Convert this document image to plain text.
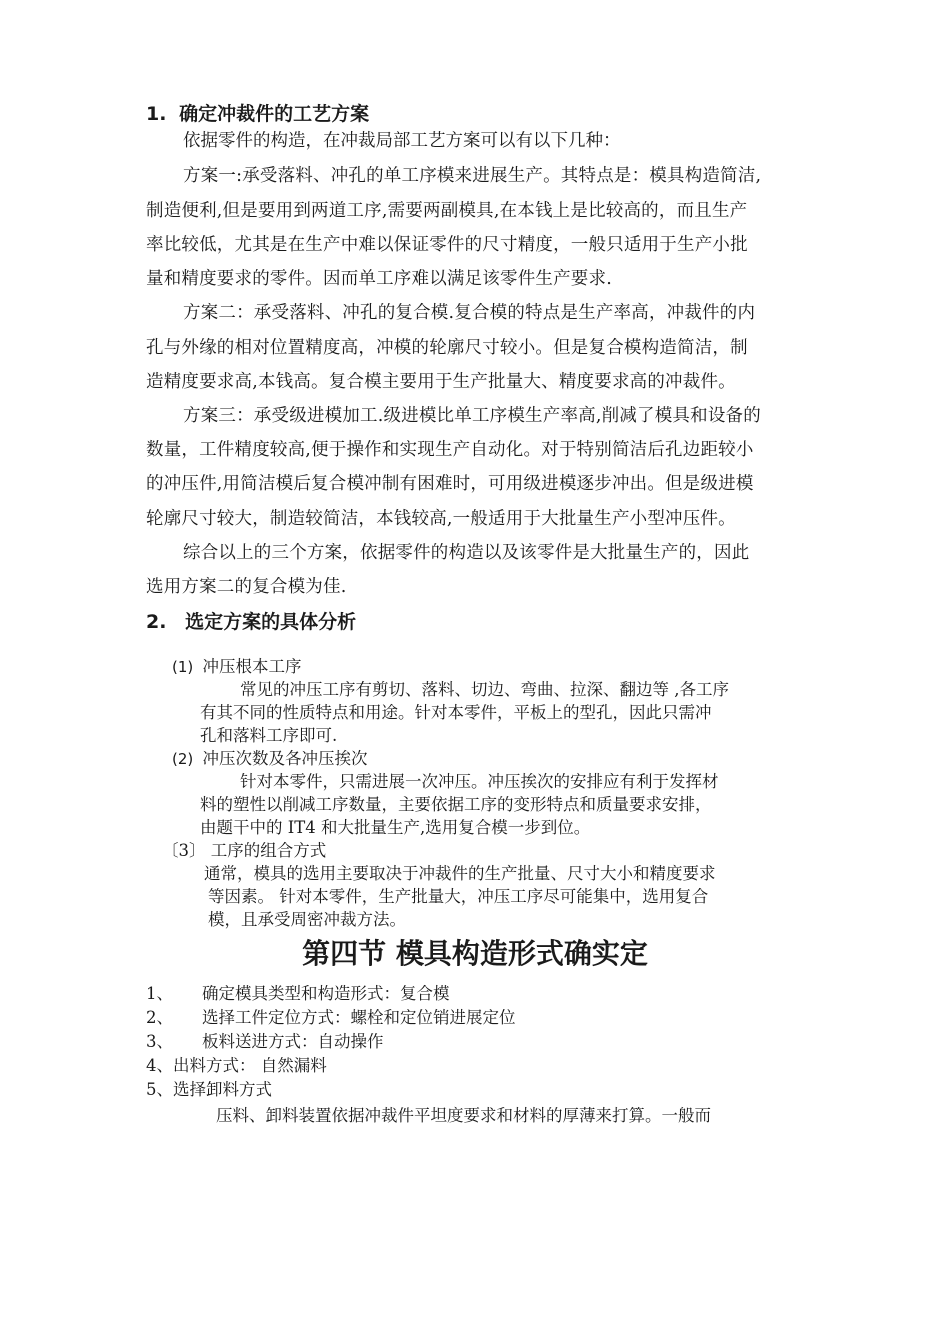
1. 确定冲裁件的工艺方案
依据零件的构造，在冲裁局部工艺方案可以有以下几种：
方案一:承受落料、冲孔的单工序模来进展生产。其特点是：模具构造简洁,
制造便利,但是要用到两道工序,需要两副模具,在本钱上是比较高的，而且生产
率比较低，尤其是在生产中难以保证零件的尺寸精度，一般只适用于生产小批
量和精度要求的零件。因而单工序难以满足该零件生产要求.
方案二：承受落料、冲孔的复合模.复合模的特点是生产率高，冲裁件的内
孔与外缘的相对位置精度高，冲模的轮廓尺寸较小。但是复合模构造简洁，制
造精度要求高,本钱高。复合模主要用于生产批量大、精度要求高的冲裁件。
方案三：承受级进模加工.级进模比单工序模生产率高,削减了模具和设备的
数量，工件精度较高,便于操作和实现生产自动化。对于特别简洁后孔边距较小
的冲压件,用简洁模后复合模冲制有困难时，可用级进模逐步冲出。但是级进模
轮廓尺寸较大，制造较简洁，本钱较高,一般适用于大批量生产小型冲压件。
综合以上的三个方案，依据零件的构造以及该零件是大批量生产的，因此
选用方案二的复合模为佳.
2. 选定方案的具体分析
(1) 冲压根本工序
常见的冲压工序有剪切、落料、切边、弯曲、拉深、翻边等 ,各工序
有其不同的性质特点和用途。针对本零件，平板上的型孔，因此只需冲
孔和落料工序即可.
(2) 冲压次数及各冲压挨次
针对本零件，只需进展一次冲压。冲压挨次的安排应有利于发挥材
料的塑性以削减工序数量，主要依据工序的变形特点和质量要求安排，
由题干中的 IT4 和大批量生产,选用复合模一步到位。
〔3〕 工序的组合方式
通常，模具的选用主要取决于冲裁件的生产批量、尺寸大小和精度要求
等因素。 针对本零件，生产批量大，冲压工序尽可能集中，选用复合
模，且承受周密冲裁方法。
第四节 模具构造形式确实定
1、 确定模具类型和构造形式：复合模
2、 选择工件定位方式：螺栓和定位销进展定位
3、 板料送进方式：自动操作
4、出料方式： 自然漏料
5、选择卸料方式
压料、卸料装置依据冲裁件平坦度要求和材料的厚薄来打算。一般而
